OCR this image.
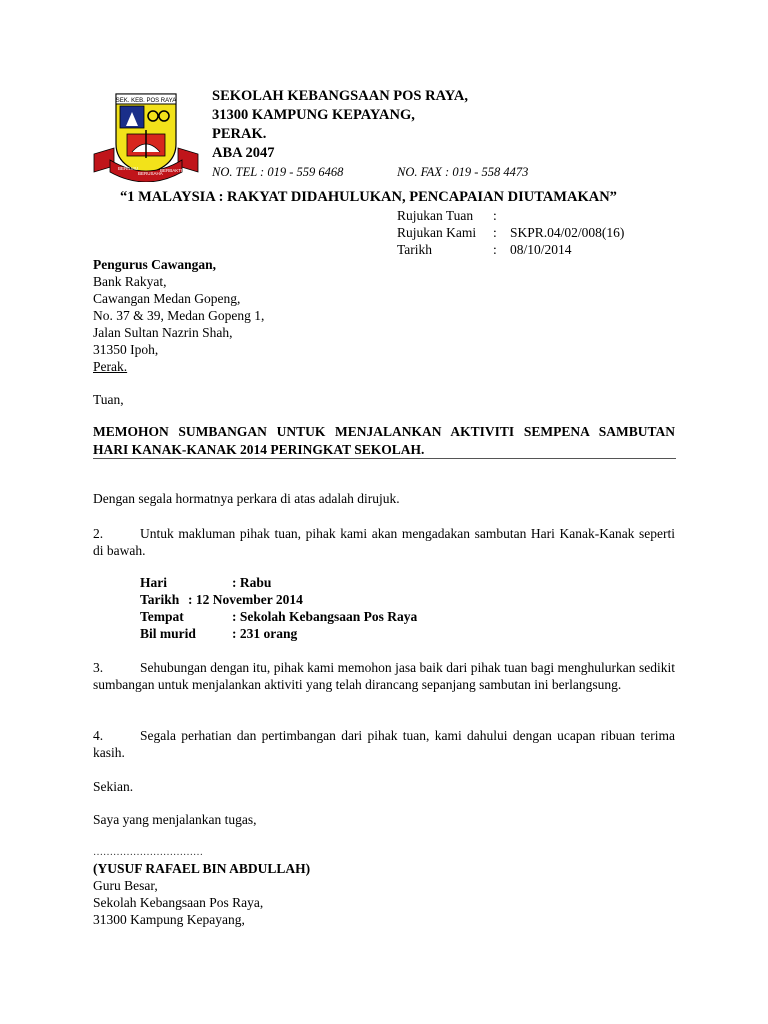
SEK. KEB. POS RAYA
BERILMU
BERUSAHA
BERBAKTI
SEKOLAH KEBANGSAAN POS RAYA,
31300 KAMPUNG KEPAYANG,
PERAK.
ABA 2047
NO. TEL : 019 - 559 6468	NO. FAX : 019 - 558 4473
“1 MALAYSIA : RAKYAT DIDAHULUKAN, PENCAPAIAN DIUTAMAKAN”
Rujukan Tuan :
Rujukan Kami : SKPR.04/02/008(16)
Tarikh	: 08/10/2014
Pengurus Cawangan,
Bank Rakyat,
Cawangan Medan Gopeng,
No. 37 & 39, Medan Gopeng 1,
Jalan Sultan Nazrin Shah,
31350 Ipoh,
Perak.
Tuan,
MEMOHON SUMBANGAN UNTUK MENJALANKAN AKTIVITI SEMPENA SAMBUTAN HARI KANAK-KANAK 2014 PERINGKAT SEKOLAH.
Dengan segala hormatnya perkara di atas adalah dirujuk.
2.	Untuk makluman pihak tuan, pihak kami akan mengadakan sambutan Hari Kanak-Kanak seperti di bawah.
Hari	: Rabu
Tarikh : 12 November 2014
Tempat	: Sekolah Kebangsaan Pos Raya
Bil murid	: 231 orang
3.	Sehubungan dengan itu, pihak kami memohon jasa baik dari pihak tuan bagi menghulurkan sedikit sumbangan untuk menjalankan aktiviti yang telah dirancang sepanjang sambutan ini berlangsung.
4.	Segala perhatian dan pertimbangan dari pihak tuan, kami dahului dengan ucapan ribuan terima kasih.
Sekian.
Saya yang menjalankan tugas,
……………………………
(YUSUF RAFAEL BIN ABDULLAH)
Guru Besar,
Sekolah Kebangsaan Pos Raya,
31300 Kampung Kepayang,
